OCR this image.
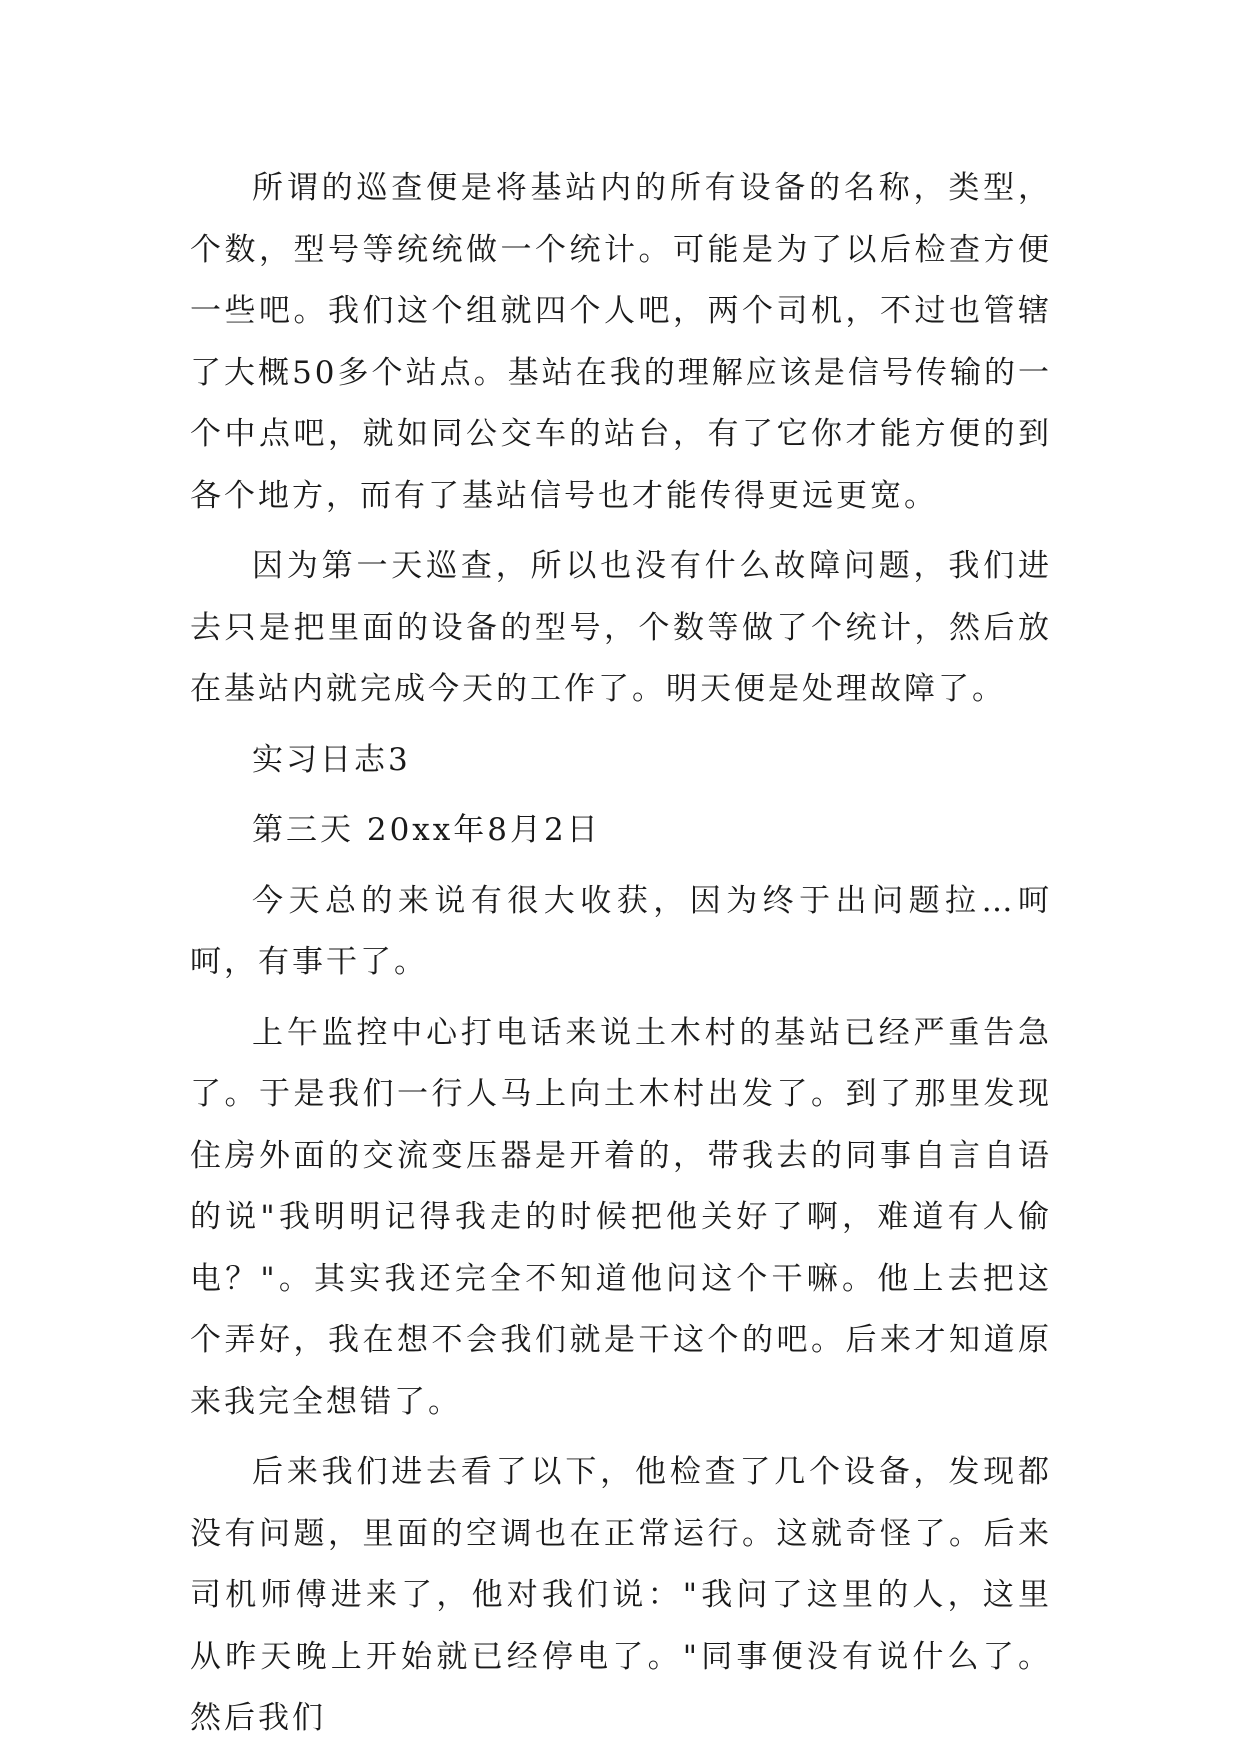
所谓的巡查便是将基站内的所有设备的名称，类型，个数，型号等统统做一个统计。可能是为了以后检查方便一些吧。我们这个组就四个人吧，两个司机，不过也管辖了大概50多个站点。基站在我的理解应该是信号传输的一个中点吧，就如同公交车的站台，有了它你才能方便的到各个地方，而有了基站信号也才能传得更远更宽。

因为第一天巡查，所以也没有什么故障问题，我们进去只是把里面的设备的型号，个数等做了个统计，然后放在基站内就完成今天的工作了。明天便是处理故障了。

实习日志3

第三天 20xx年8月2日

今天总的来说有很大收获，因为终于出问题拉…呵呵，有事干了。

上午监控中心打电话来说土木村的基站已经严重告急了。于是我们一行人马上向土木村出发了。到了那里发现住房外面的交流变压器是开着的，带我去的同事自言自语的说"我明明记得我走的时候把他关好了啊，难道有人偷电？"。其实我还完全不知道他问这个干嘛。他上去把这个弄好，我在想不会我们就是干这个的吧。后来才知道原来我完全想错了。

后来我们进去看了以下，他检查了几个设备，发现都没有问题，里面的空调也在正常运行。这就奇怪了。后来司机师傅进来了，他对我们说："我问了这里的人，这里从昨天晚上开始就已经停电了。"同事便没有说什么了。然后我们
